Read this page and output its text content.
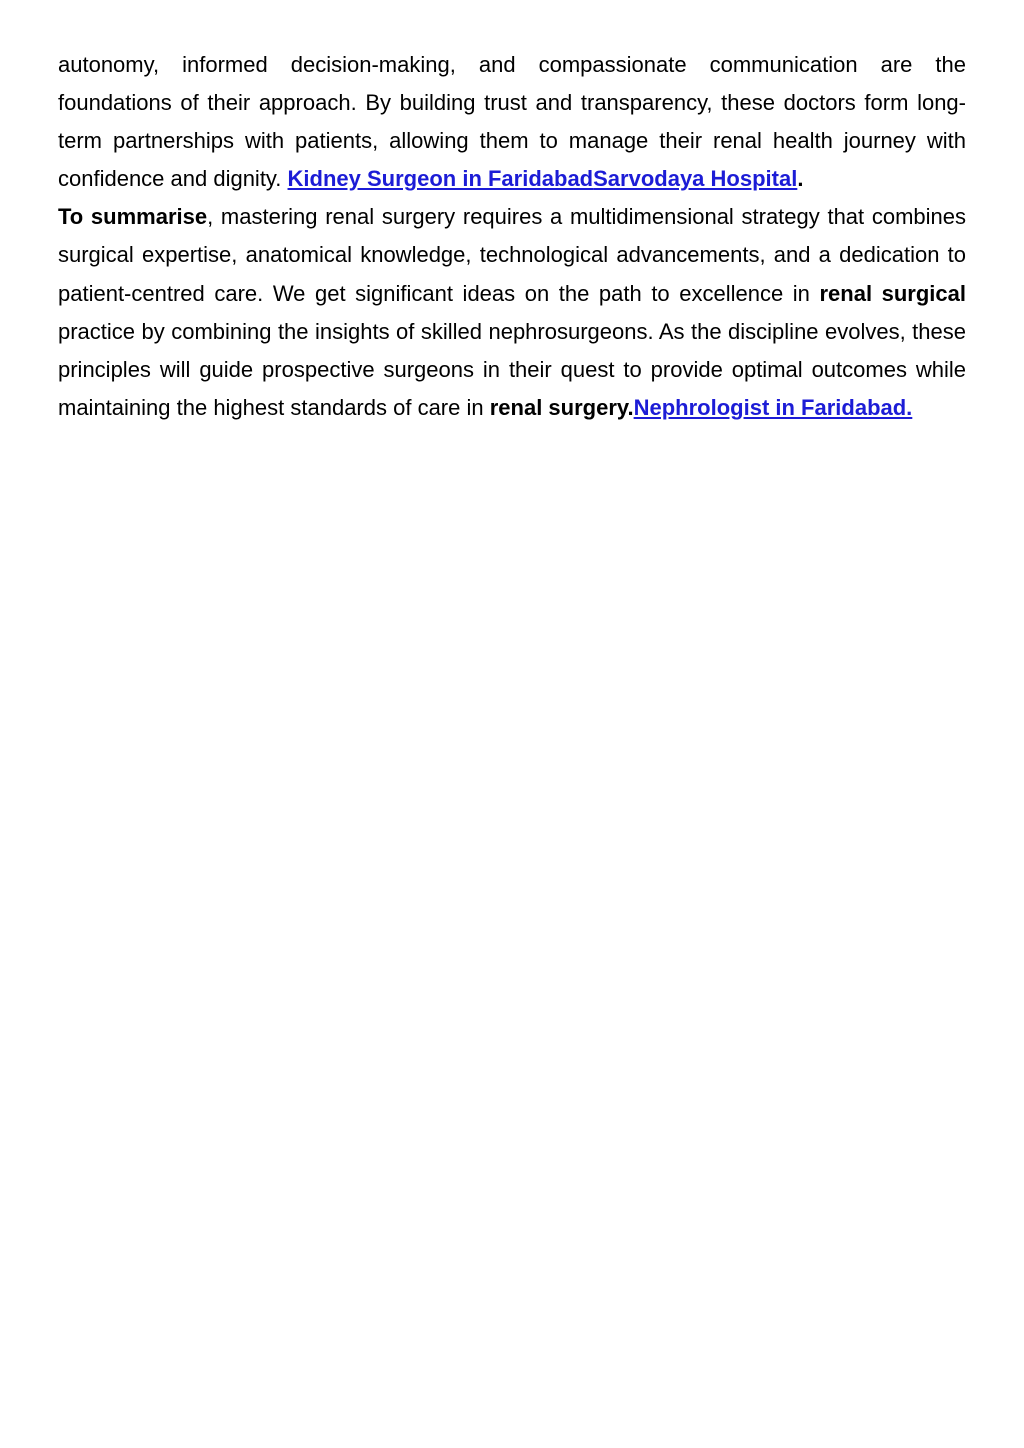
autonomy, informed decision-making, and compassionate communication are the foundations of their approach. By building trust and transparency, these doctors form long-term partnerships with patients, allowing them to manage their renal health journey with confidence and dignity. Kidney Surgeon in FaridabadSarvodaya Hospital.

To summarise, mastering renal surgery requires a multidimensional strategy that combines surgical expertise, anatomical knowledge, technological advancements, and a dedication to patient-centred care. We get significant ideas on the path to excellence in renal surgical practice by combining the insights of skilled nephrosurgeons. As the discipline evolves, these principles will guide prospective surgeons in their quest to provide optimal outcomes while maintaining the highest standards of care in renal surgery.Nephrologist in Faridabad.
